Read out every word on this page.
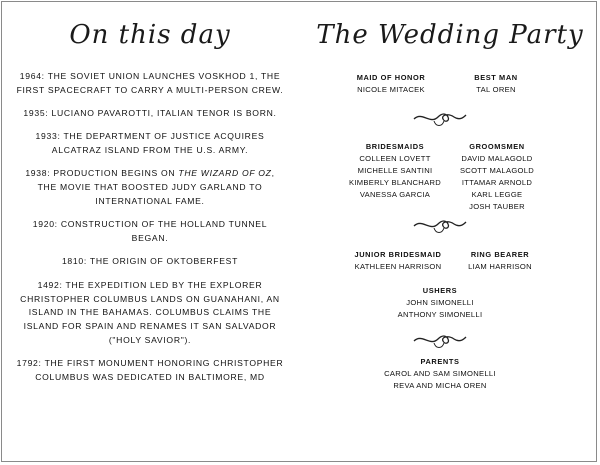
On this day
1964: THE SOVIET UNION LAUNCHES VOSKHOD 1, THE FIRST SPACECRAFT TO CARRY A MULTI-PERSON CREW.
1935: LUCIANO PAVAROTTI, ITALIAN TENOR IS BORN.
1933: THE DEPARTMENT OF JUSTICE ACQUIRES ALCATRAZ ISLAND FROM THE U.S. ARMY.
1938: PRODUCTION BEGINS ON THE WIZARD OF OZ, THE MOVIE THAT BOOSTED JUDY GARLAND TO INTERNATIONAL FAME.
1920: CONSTRUCTION OF THE HOLLAND TUNNEL BEGAN.
1810: THE ORIGIN OF OKTOBERFEST
1492: THE EXPEDITION LED BY THE EXPLORER CHRISTOPHER COLUMBUS LANDS ON GUANAHANI, AN ISLAND IN THE BAHAMAS. COLUMBUS CLAIMS THE ISLAND FOR SPAIN AND RENAMES IT SAN SALVADOR ("HOLY SAVIOR").
1792: THE FIRST MONUMENT HONORING CHRISTOPHER COLUMBUS WAS DEDICATED IN BALTIMORE, MD
The Wedding Party
MAID OF HONOR
NICOLE MITACEK
BEST MAN
TAL OREN
BRIDESMAIDS
COLLEEN LOVETT
MICHELLE SANTINI
KIMBERLY BLANCHARD
VANESSA GARCIA
GROOMSMEN
DAVID MALAGOLD
SCOTT MALAGOLD
ITTAMAR ARNOLD
KARL LEGGE
JOSH TAUBER
JUNIOR BRIDESMAID
KATHLEEN HARRISON
RING BEARER
LIAM HARRISON
USHERS
JOHN SIMONELLI
ANTHONY SIMONELLI
PARENTS
CAROL AND SAM SIMONELLI
REVA AND MICHA OREN
